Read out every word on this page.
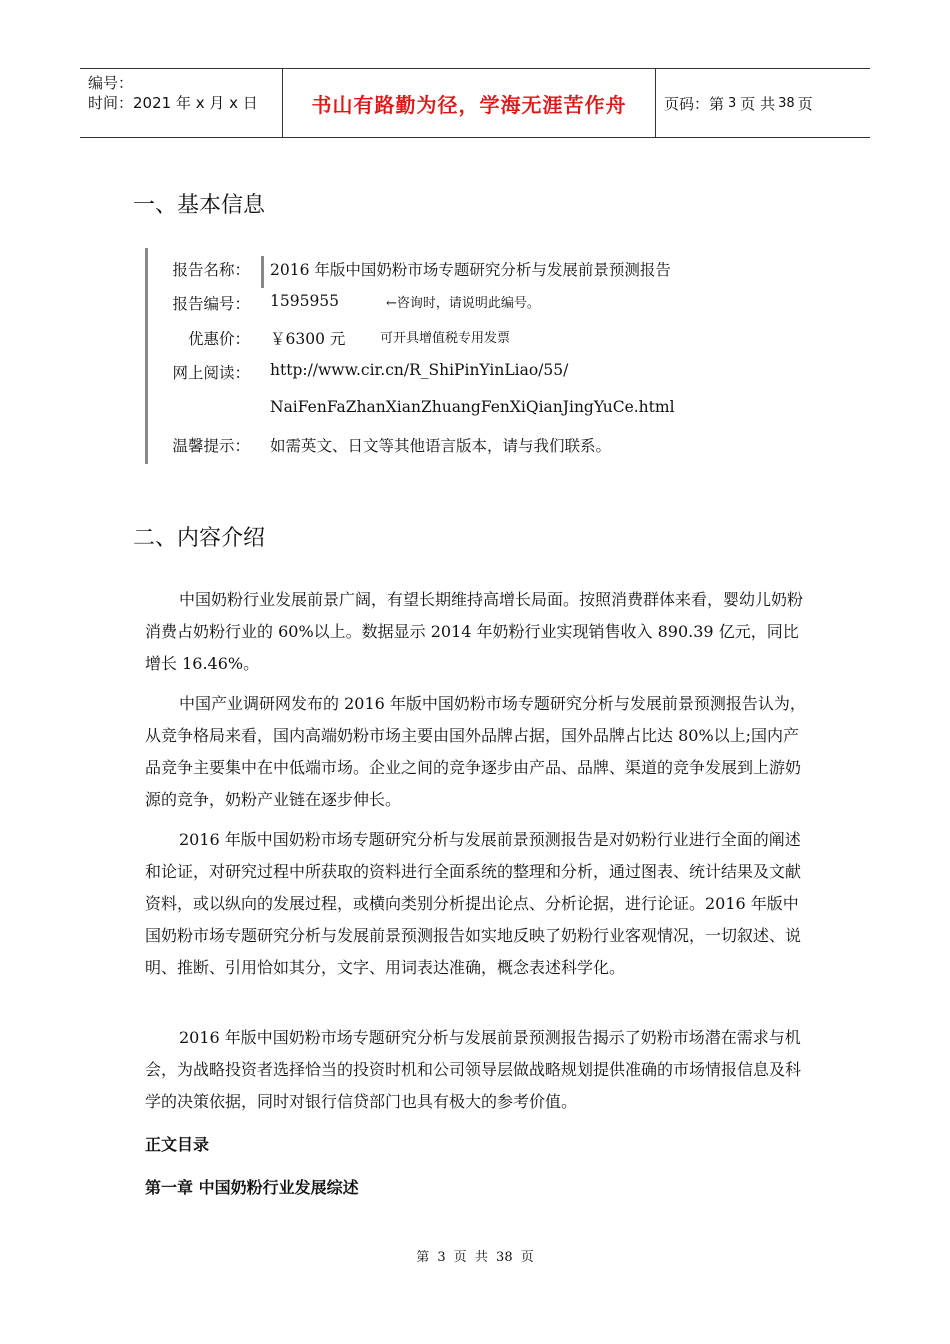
编号：
时间：2021 年 x 月 x 日	书山有路勤为径，学海无涯苦作舟	页码：第 3 页 共 38 页
一、基本信息
报告名称： 2016 年版中国奶粉市场专题研究分析与发展前景预测报告
报告编号： 1595955	←咨询时，请说明此编号。
优惠价： ￥6300 元	可开具增值税专用发票
网上阅读： http://www.cir.cn/R_ShiPinYinLiao/55/
NaiFenFaZhanXianZhuangFenXiQianJingYuCe.html
温馨提示： 如需英文、日文等其他语言版本，请与我们联系。
二、内容介绍
中国奶粉行业发展前景广阔，有望长期维持高增长局面。按照消费群体来看，婴幼儿奶粉消费占奶粉行业的 60%以上。数据显示 2014 年奶粉行业实现销售收入 890.39 亿元，同比增长 16.46%。
中国产业调研网发布的 2016 年版中国奶粉市场专题研究分析与发展前景预测报告认为，从竞争格局来看，国内高端奶粉市场主要由国外品牌占据，国外品牌占比达 80%以上;国内产品竞争主要集中在中低端市场。企业之间的竞争逐步由产品、品牌、渠道的竞争发展到上游奶源的竞争，奶粉产业链在逐步伸长。
2016 年版中国奶粉市场专题研究分析与发展前景预测报告是对奶粉行业进行全面的阐述和论证，对研究过程中所获取的资料进行全面系统的整理和分析，通过图表、统计结果及文献资料，或以纵向的发展过程，或横向类别分析提出论点、分析论据，进行论证。2016 年版中国奶粉市场专题研究分析与发展前景预测报告如实地反映了奶粉行业客观情况，一切叙述、说明、推断、引用恰如其分，文字、用词表达准确，概念表述科学化。
2016 年版中国奶粉市场专题研究分析与发展前景预测报告揭示了奶粉市场潜在需求与机会，为战略投资者选择恰当的投资时机和公司领导层做战略规划提供准确的市场情报信息及科学的决策依据，同时对银行信贷部门也具有极大的参考价值。
正文目录
第一章 中国奶粉行业发展综述
第 3 页 共 38 页
